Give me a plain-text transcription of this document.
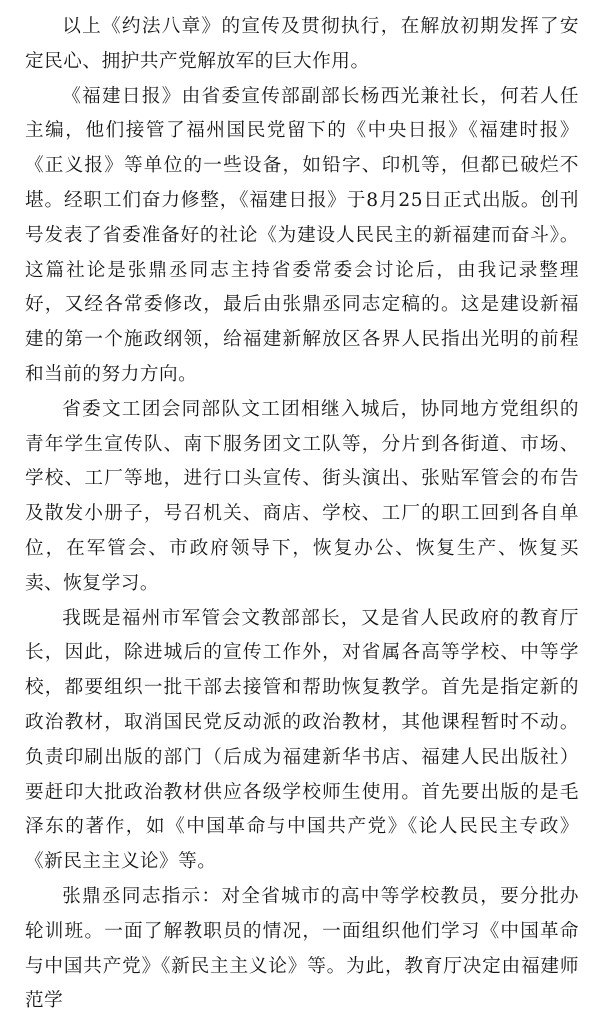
以上《约法八章》的宣传及贯彻执行，在解放初期发挥了安定民心、拥护共产党解放军的巨大作用。

《福建日报》由省委宣传部副部长杨西光兼社长，何若人任主编，他们接管了福州国民党留下的《中央日报》《福建时报》《正义报》等单位的一些设备，如铅字、印机等，但都已破烂不堪。经职工们奋力修整，《福建日报》于8月25日正式出版。创刊号发表了省委准备好的社论《为建设人民民主的新福建而奋斗》。这篇社论是张鼎丞同志主持省委常委会讨论后，由我记录整理好，又经各常委修改，最后由张鼎丞同志定稿的。这是建设新福建的第一个施政纲领，给福建新解放区各界人民指出光明的前程和当前的努力方向。

省委文工团会同部队文工团相继入城后，协同地方党组织的青年学生宣传队、南下服务团文工队等，分片到各街道、市场、学校、工厂等地，进行口头宣传、街头演出、张贴军管会的布告及散发小册子，号召机关、商店、学校、工厂的职工回到各自单位，在军管会、市政府领导下，恢复办公、恢复生产、恢复买卖、恢复学习。

我既是福州市军管会文教部部长，又是省人民政府的教育厅长，因此，除进城后的宣传工作外，对省属各高等学校、中等学校，都要组织一批干部去接管和帮助恢复教学。首先是指定新的政治教材，取消国民党反动派的政治教材，其他课程暂时不动。负责印刷出版的部门（后成为福建新华书店、福建人民出版社）要赶印大批政治教材供应各级学校师生使用。首先要出版的是毛泽东的著作，如《中国革命与中国共产党》《论人民民主专政》《新民主主义论》等。

张鼎丞同志指示：对全省城市的高中等学校教员，要分批办轮训班。一面了解教职员的情况，一面组织他们学习《中国革命与中国共产党》《新民主主义论》等。为此，教育厅决定由福建师范学
